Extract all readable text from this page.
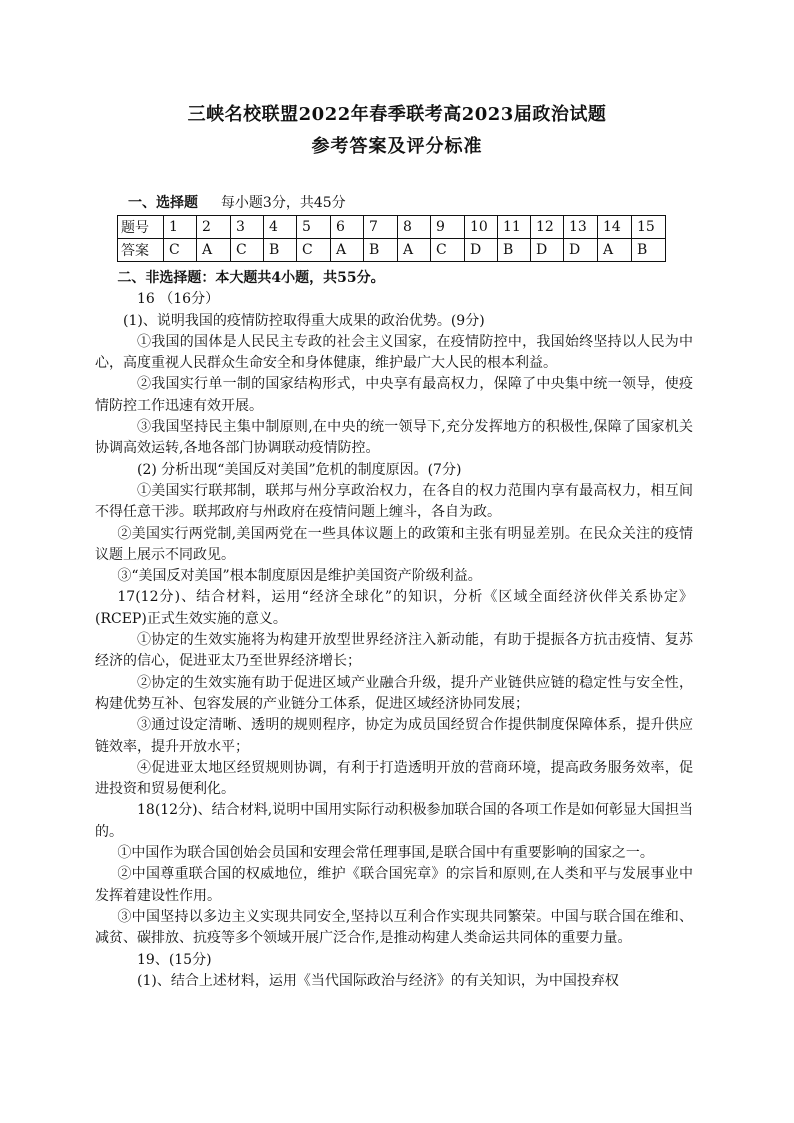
三峡名校联盟2022年春季联考高2023届政治试题
参考答案及评分标准
一、选择题 每小题3分，共45分
题号	1	2	3	4	5	6	7	8	9	10	11	12	13	14	15
答案	C	A	C	B	C	A	B	A	C	D	B	D	D	A	B

二、非选择题：本大题共4小题，共55分。

16 （16分）

(1)、说明我国的疫情防控取得重大成果的政治优势。(9分)

①我国的国体是人民民主专政的社会主义国家，在疫情防控中，我国始终坚持以人民为中心，高度重视人民群众生命安全和身体健康，维护最广大人民的根本利益。

②我国实行单一制的国家结构形式，中央享有最高权力，保障了中央集中统一领导，使疫情防控工作迅速有效开展。

③我国坚持民主集中制原则,在中央的统一领导下,充分发挥地方的积极性,保障了国家机关协调高效运转,各地各部门协调联动疫情防控。

(2) 分析出现“美国反对美国”危机的制度原因。(7分)

①美国实行联邦制，联邦与州分享政治权力，在各自的权力范围内享有最高权力，相互间不得任意干涉。联邦政府与州政府在疫情问题上缠斗，各自为政。

②美国实行两党制,美国两党在一些具体议题上的政策和主张有明显差别。在民众关注的疫情议题上展示不同政见。

③“美国反对美国”根本制度原因是维护美国资产阶级利益。

17(12分)、结合材料，运用“经济全球化”的知识，分析《区域全面经济伙伴关系协定》(RCEP)正式生效实施的意义。

①协定的生效实施将为构建开放型世界经济注入新动能，有助于提振各方抗击疫情、复苏经济的信心，促进亚太乃至世界经济增长；

②协定的生效实施有助于促进区域产业融合升级，提升产业链供应链的稳定性与安全性，构建优势互补、包容发展的产业链分工体系，促进区域经济协同发展；

③通过设定清晰、透明的规则程序，协定为成员国经贸合作提供制度保障体系，提升供应链效率，提升开放水平；

④促进亚太地区经贸规则协调，有利于打造透明开放的营商环境，提高政务服务效率，促进投资和贸易便利化。

18(12分)、结合材料,说明中国用实际行动积极参加联合国的各项工作是如何彰显大国担当的。

①中国作为联合国创始会员国和安理会常任理事国,是联合国中有重要影响的国家之一。

②中国尊重联合国的权威地位，维护《联合国宪章》的宗旨和原则,在人类和平与发展事业中发挥着建设性作用。

③中国坚持以多边主义实现共同安全,坚持以互利合作实现共同繁荣。中国与联合国在维和、减贫、碳排放、抗疫等多个领域开展广泛合作,是推动构建人类命运共同体的重要力量。

19、(15分)

(1)、结合上述材料，运用《当代国际政治与经济》的有关知识，为中国投弃权
